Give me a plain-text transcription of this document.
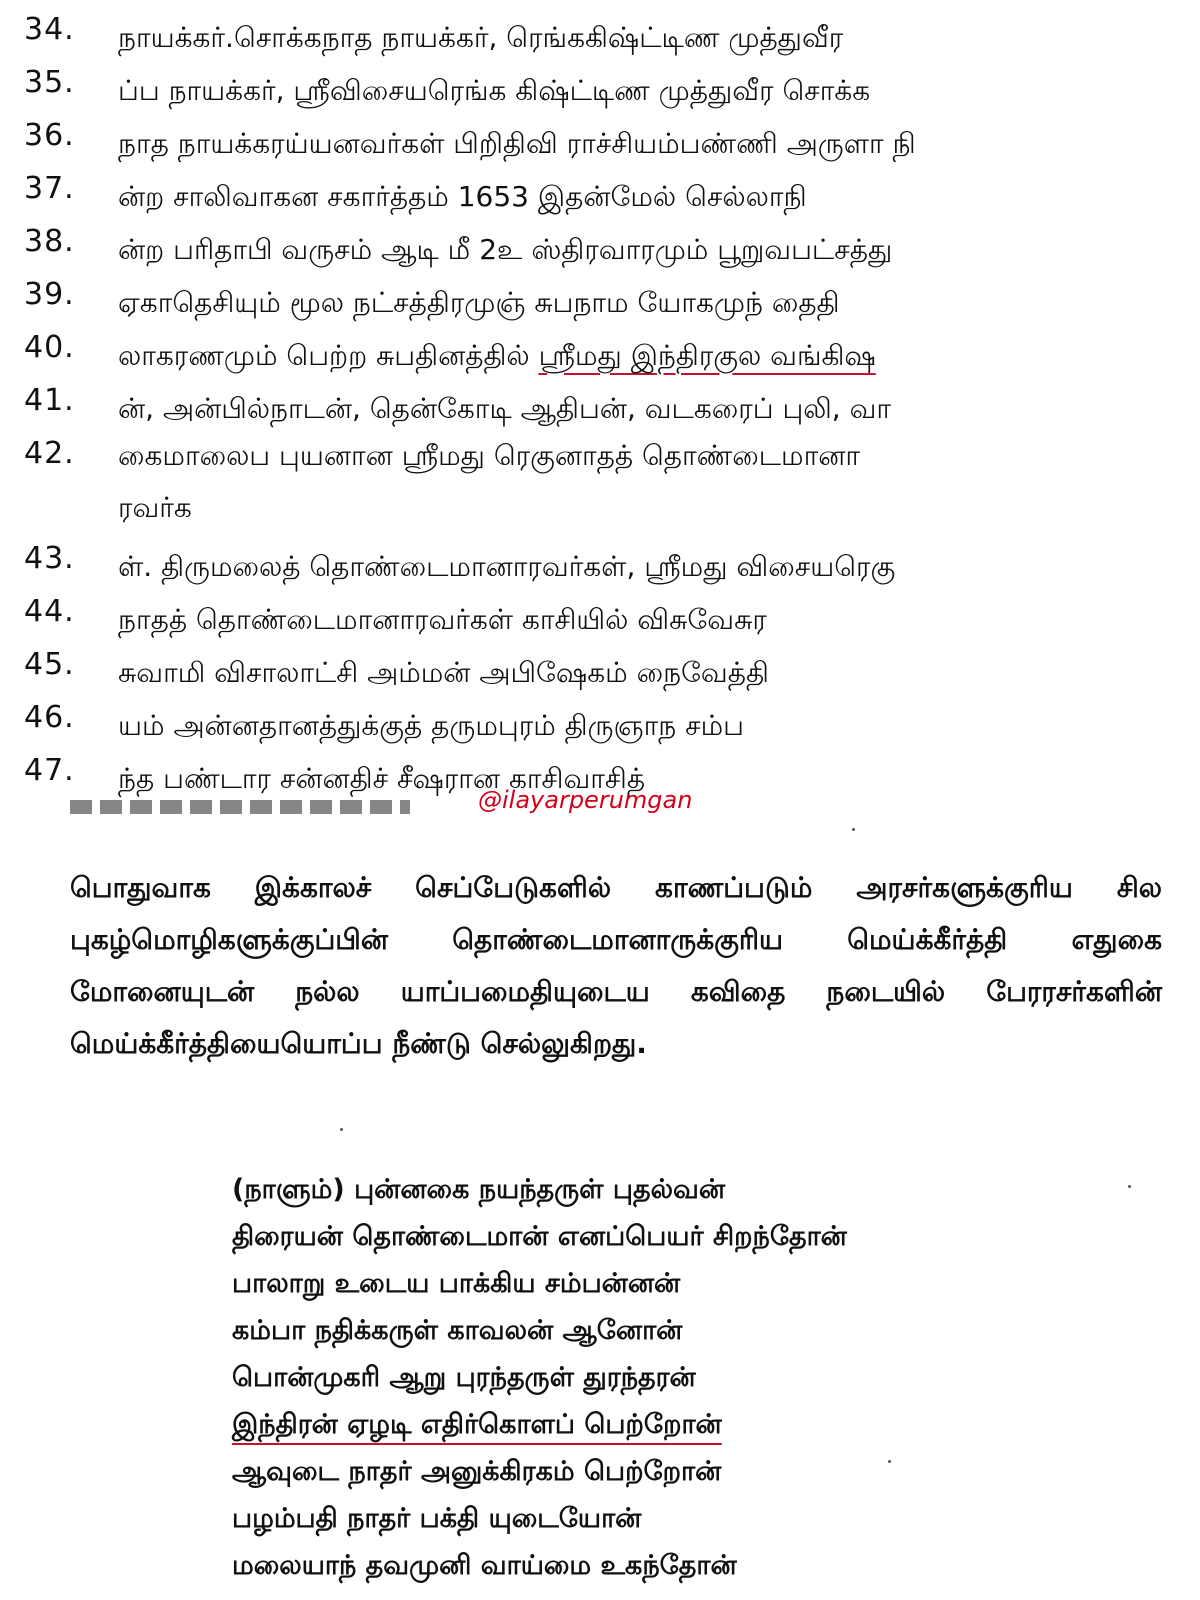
34.	நாயக்கர்.சொக்கநாத நாயக்கர், ரெங்ககிஷ்ட்டிண முத்துவீர
35.	ப்ப நாயக்கர், ஸ்ரீவிசையரெங்க கிஷ்ட்டிண முத்துவீர சொக்க
36.	நாத நாயக்கரய்யனவர்கள் பிறிதிவி ராச்சியம்பண்ணி அருளா நி
37.	ன்ற சாலிவாகன சகார்த்தம் 1653 இதன்மேல் செல்லாநி
38.	ன்ற பரிதாபி வருசம் ஆடி மீ 2உ ஸ்திரவாரமும் பூறுவபட்சத்து
39.	ஏகாதெசியும் மூல நட்சத்திரமுஞ் சுபநாம யோகமுந் தைதி
40.	லாகரணமும் பெற்ற சுபதினத்தில் ஸ்ரீமது இந்திரகுல வங்கிஷ
41.	ன், அன்பில்நாடன், தென்கோடி ஆதிபன், வடகரைப் புலி, வா
42.	கைமாலைப புயனான ஸ்ரீமது ரெகுனாதத் தொண்டைமானா
ரவர்க
43.	ள். திருமலைத் தொண்டைமானாரவர்கள், ஸ்ரீமது விசையரெகு
44.	நாதத் தொண்டைமானாரவர்கள் காசியில் விசுவேசுர
45.	சுவாமி விசாலாட்சி அம்மன் அபிஷேகம் நைவேத்தி
46.	யம் அன்னதானத்துக்குத் தருமபுரம் திருஞாந சம்ப
47.	ந்த பண்டார சன்னதிச் சீஷரான காசிவாசித்
@ilayarperumgan
பொதுவாக இக்காலச் செப்பேடுகளில் காணப்படும் அரசர்களுக்குரிய சில புகழ்மொழிகளுக்குப்பின் தொண்டைமானாருக்குரிய மெய்க்கீர்த்தி எதுகை மோனையுடன் நல்ல யாப்பமைதியுடைய கவிதை நடையில் பேரரசர்களின் மெய்க்கீர்த்தியையொப்ப நீண்டு செல்லுகிறது.
(நாளும்) புன்னகை நயந்தருள் புதல்வன்
திரையன் தொண்டைமான் எனப்பெயர் சிறந்தோன்
பாலாறு உடைய பாக்கிய சம்பன்னன்
கம்பா நதிக்கருள் காவலன் ஆனோன்
பொன்முகரி ஆறு புரந்தருள் துரந்தரன்
இந்திரன் ஏழடி எதிர்கொளப் பெற்றோன்
ஆவுடை நாதர் அனுக்கிரகம் பெற்றோன்
பழம்பதி நாதர் பக்தி யுடையோன்
மலையாந் தவமுனி வாய்மை உகந்தோன்
